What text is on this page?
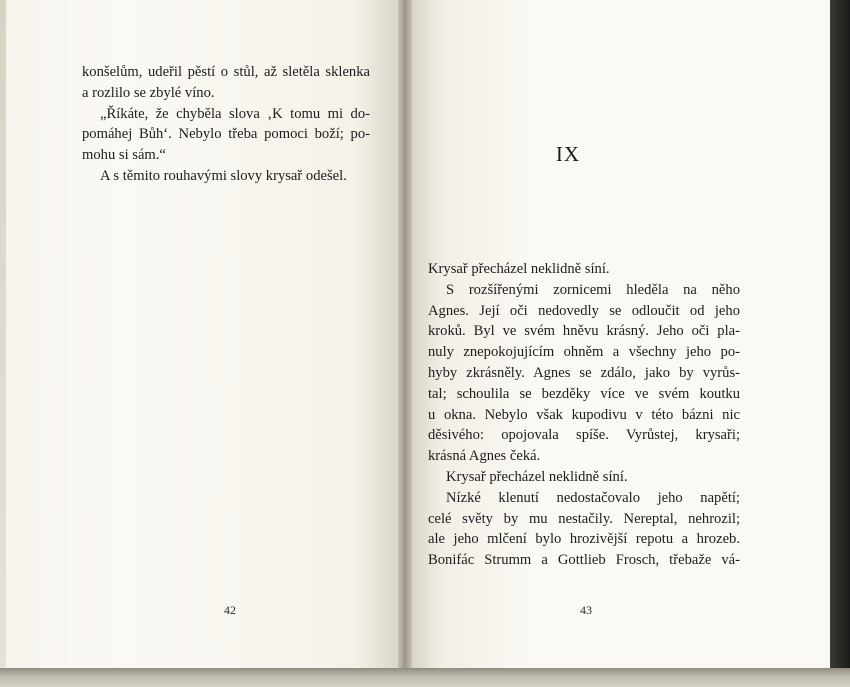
konšelům, udeřil pěstí o stůl, až sletěla sklenka
a rozlilo se zbylé víno.
„Říkáte, že chyběla slova ‚K tomu mi do-
pomáhej Bůh‘. Nebylo třeba pomoci boží; po-
mohu si sám.“
A s těmito rouhavými slovy krysař odešel.
42
IX
Krysař přecházel neklidně síní.
S rozšířenými zornicemi hleděla na něho
Agnes. Její oči nedovedly se odloučit od jeho
kroků. Byl ve svém hněvu krásný. Jeho oči pla-
nuly znepokojujícím ohněm a všechny jeho po-
hyby zkrásněly. Agnes se zdálo, jako by vyrůs-
tal; schoulila se bezděky více ve svém koutku
u okna. Nebylo však kupodivu v této bázni nic
děsivého: opojovala spíše. Vyrůstej, krysaři;
krásná Agnes čeká.
Krysař přecházel neklidně síní.
Nízké klenutí nedostačovalo jeho napětí;
celé světy by mu nestačily. Nereptal, nehrozil;
ale jeho mlčení bylo hrozivější repotu a hrozeb.
Bonifác Strumm a Gottlieb Frosch, třebaže vá-
43
